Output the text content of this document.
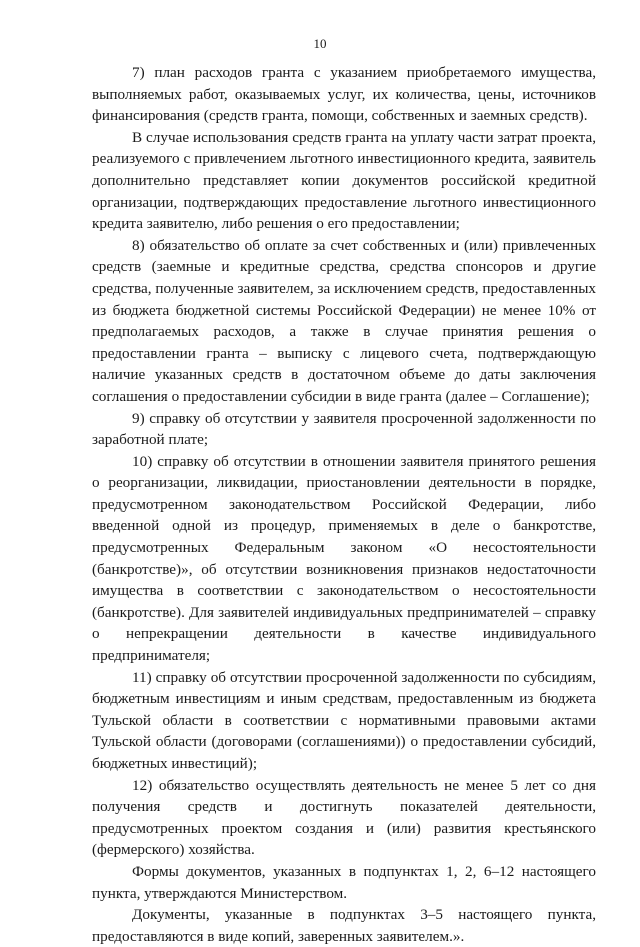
10

7) план расходов гранта с указанием приобретаемого имущества, выполняемых работ, оказываемых услуг, их количества, цены, источников финансирования (средств гранта, помощи, собственных и заемных средств).

В случае использования средств гранта на уплату части затрат проекта, реализуемого с привлечением льготного инвестиционного кредита, заявитель дополнительно представляет копии документов российской кредитной организации, подтверждающих предоставление льготного инвестиционного кредита заявителю, либо решения о его предоставлении;

8) обязательство об оплате за счет собственных и (или) привлеченных средств (заемные и кредитные средства, средства спонсоров и другие средства, полученные заявителем, за исключением средств, предоставленных из бюджета бюджетной системы Российской Федерации) не менее 10% от предполагаемых расходов, а также в случае принятия решения о предоставлении гранта – выписку с лицевого счета, подтверждающую наличие указанных средств в достаточном объеме до даты заключения соглашения о предоставлении субсидии в виде гранта (далее – Соглашение);

9) справку об отсутствии у заявителя просроченной задолженности по заработной плате;

10) справку об отсутствии в отношении заявителя принятого решения о реорганизации, ликвидации, приостановлении деятельности в порядке, предусмотренном законодательством Российской Федерации, либо введенной одной из процедур, применяемых в деле о банкротстве, предусмотренных Федеральным законом «О несостоятельности (банкротстве)», об отсутствии возникновения признаков недостаточности имущества в соответствии с законодательством о несостоятельности (банкротстве). Для заявителей индивидуальных предпринимателей – справку о непрекращении деятельности в качестве индивидуального предпринимателя;

11) справку об отсутствии просроченной задолженности по субсидиям, бюджетным инвестициям и иным средствам, предоставленным из бюджета Тульской области в соответствии с нормативными правовыми актами Тульской области (договорами (соглашениями)) о предоставлении субсидий, бюджетных инвестиций);

12) обязательство осуществлять деятельность не менее 5 лет со дня получения средств и достигнуть показателей деятельности, предусмотренных проектом создания и (или) развития крестьянского (фермерского) хозяйства.

Формы документов, указанных в подпунктах 1, 2, 6–12 настоящего пункта, утверждаются Министерством.

Документы, указанные в подпунктах 3–5 настоящего пункта, предоставляются в виде копий, заверенных заявителем.».
